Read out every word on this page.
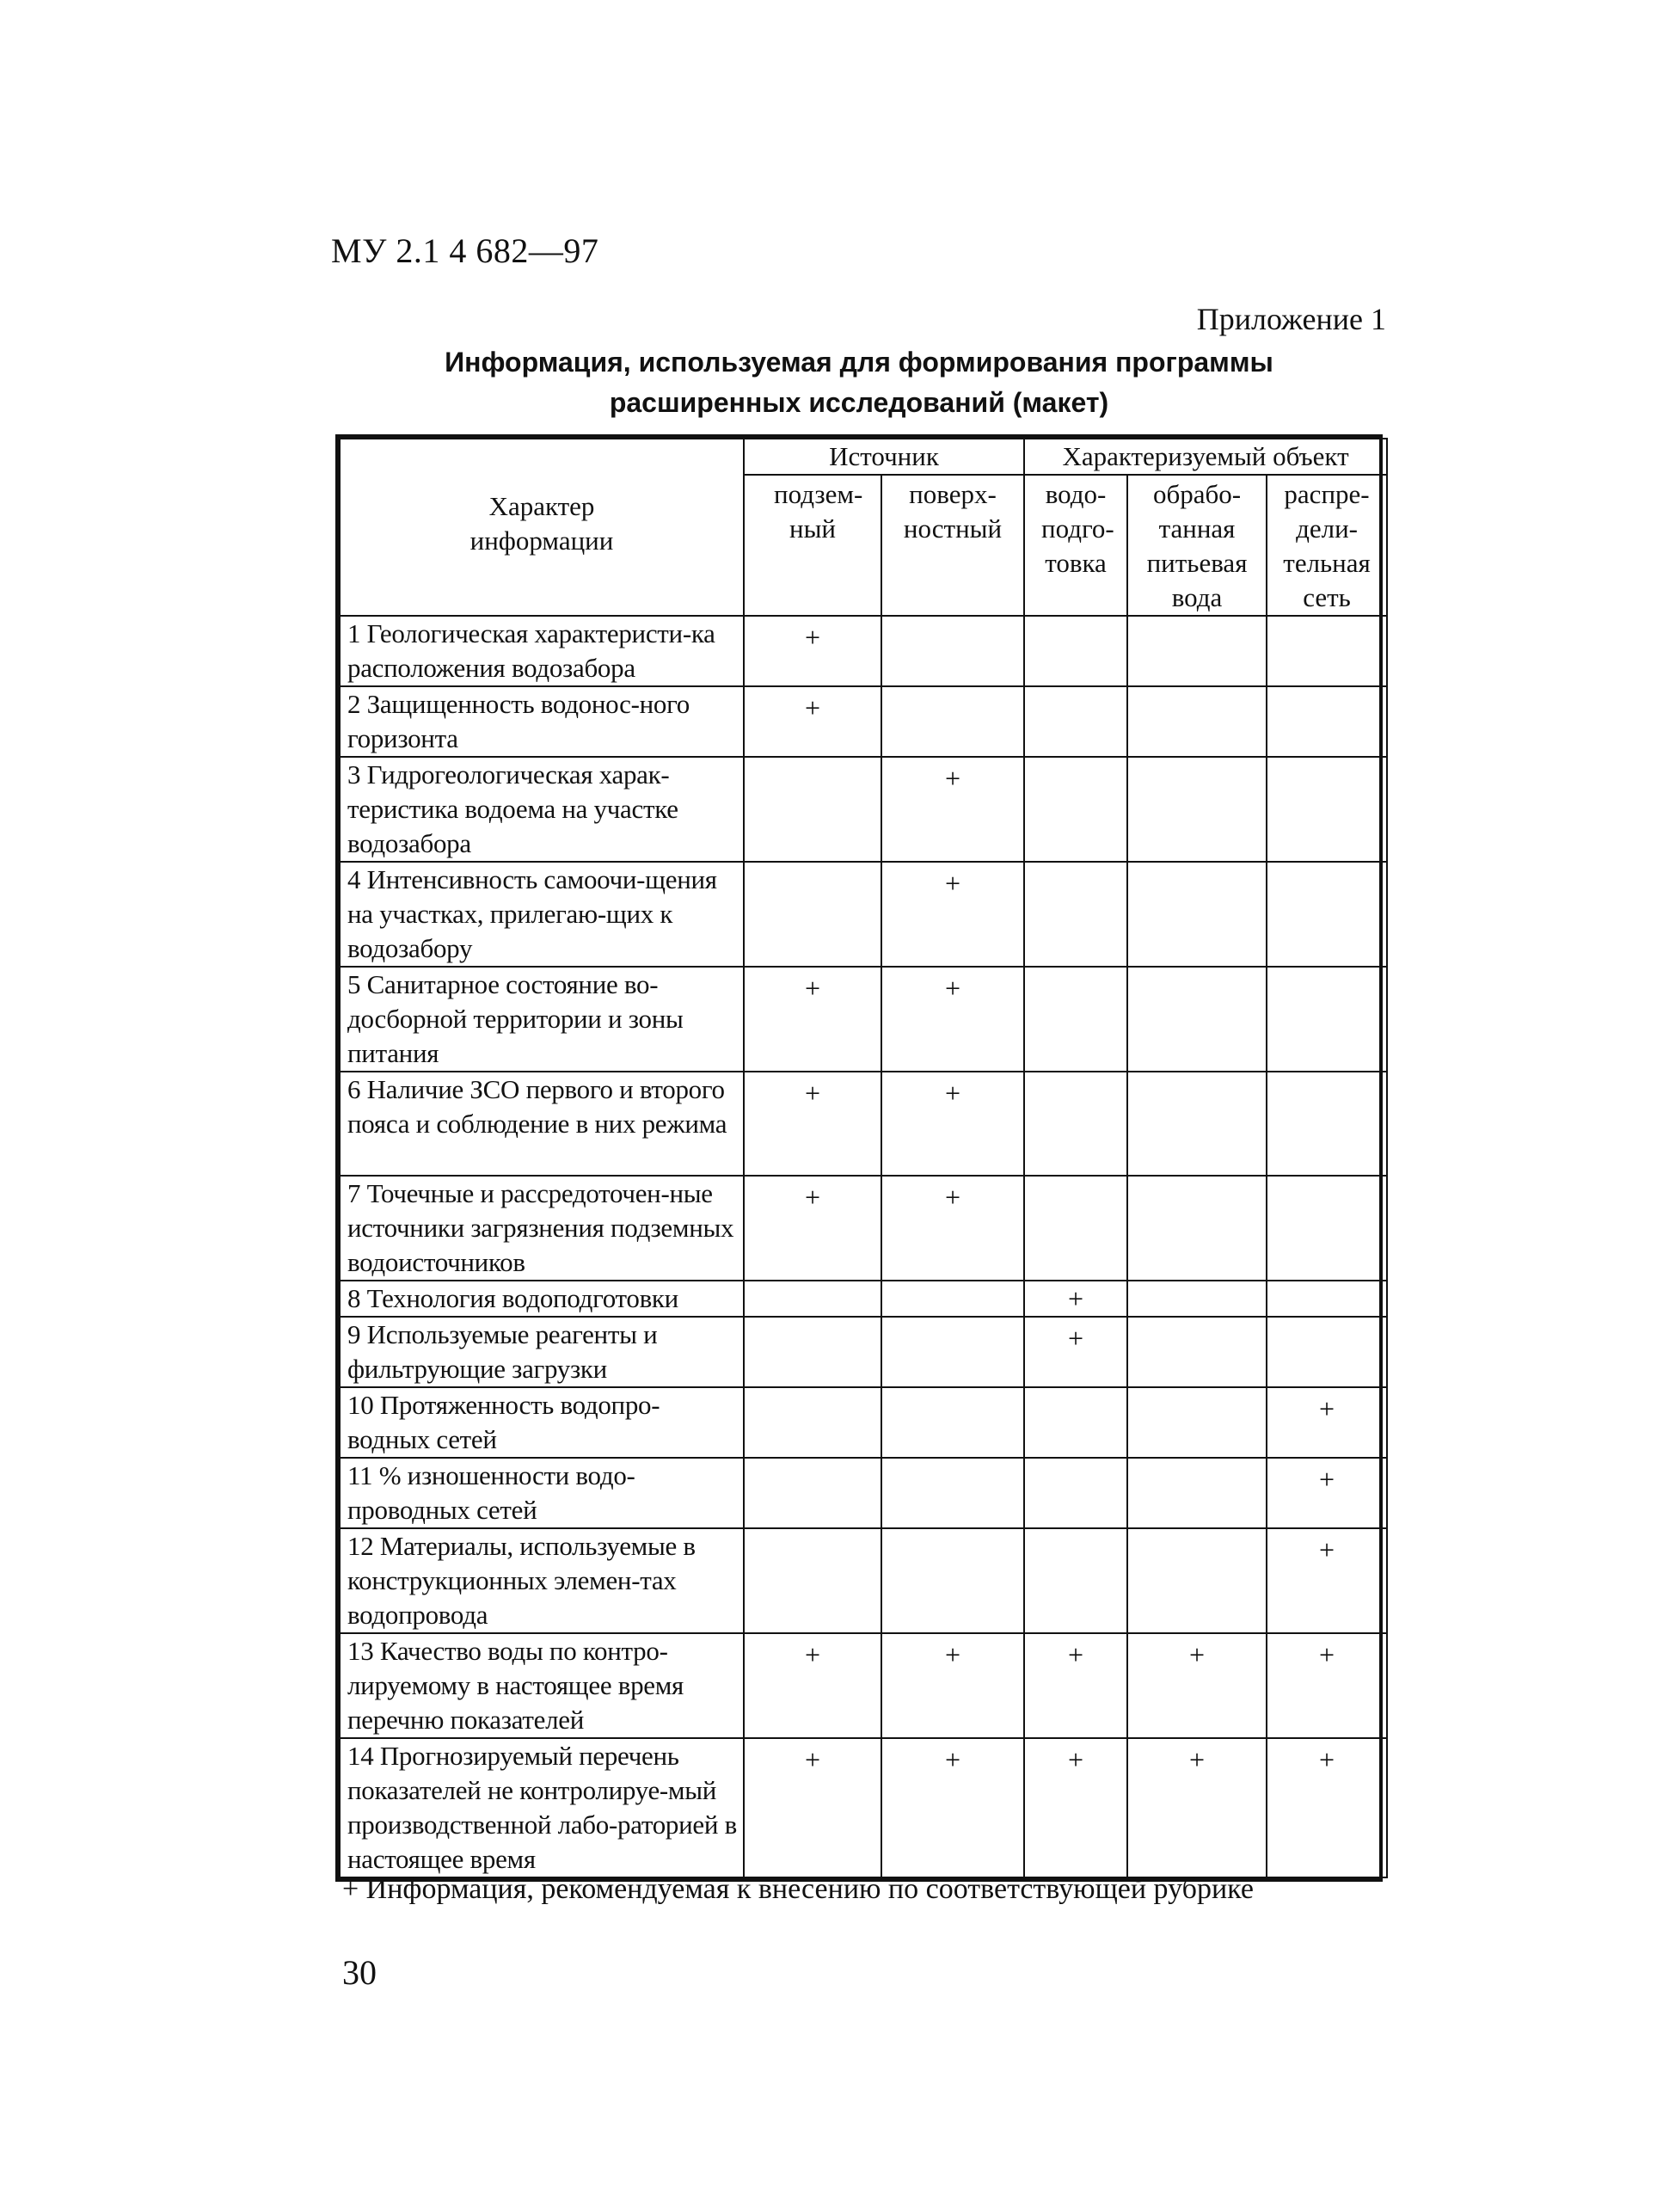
МУ 2.1 4 682—97
Приложение 1
Информация, используемая для формирования программы
расширенных исследований (макет)
Характер информации	Источник		Характеризуемый объект		

	подзем-ный	поверх-ностный	водо-подго-товка	обрабо-танная питьевая вода	распре-дели-тельная сеть

1 Геологическая характеристи-ка расположения водозабора	+				
2 Защищенность водонос-ного горизонта	+				
3 Гидрогеологическая харак-теристика водоема на участке водозабора		+			
4 Интенсивность самоочи-щения на участках, прилегаю-щих к водозабору		+			
5 Санитарное состояние во-досборной территории и зоны питания	+	+			
6 Наличие ЗСО первого и второго пояса и соблюдение в них режима	+	+			
7 Точечные и рассредоточен-ные источники загрязнения подземных водоисточников	+	+			
8 Технология водоподготовки			+		
9 Используемые реагенты и фильтрующие загрузки			+		
10 Протяженность водопро-водных сетей					+
11 % изношенности водо-проводных сетей					+
12 Материалы, используемые в конструкционных элемен-тах водопровода					+
13 Качество воды по контро-лируемому в настоящее время перечню показателей	+	+	+	+	+
14 Прогнозируемый перечень показателей не контролируе-мый производственной лабо-раторией в настоящее время	+	+	+	+	+
+ Информация, рекомендуемая к внесению по соответствующей рубрике
30
